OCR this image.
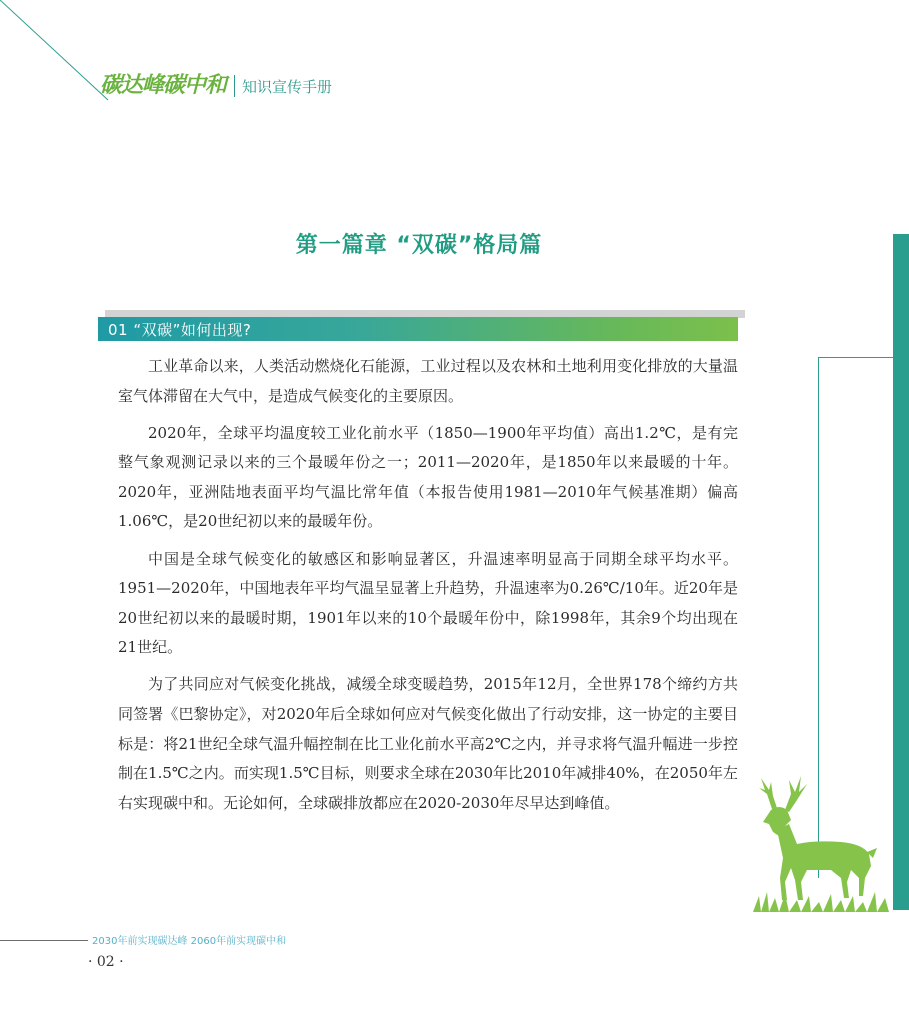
碳达峰碳中和 知识宣传手册
第一篇章 “双碳”格局篇
01 “双碳”如何出现?

工业革命以来，人类活动燃烧化石能源，工业过程以及农林和土地利用变化排放的大量温室气体滞留在大气中，是造成气候变化的主要原因。

2020年，全球平均温度较工业化前水平（1850—1900年平均值）高出1.2℃，是有完整气象观测记录以来的三个最暖年份之一；2011—2020年，是1850年以来最暖的十年。2020年，亚洲陆地表面平均气温比常年值（本报告使用1981—2010年气候基准期）偏高1.06℃，是20世纪初以来的最暖年份。

中国是全球气候变化的敏感区和影响显著区，升温速率明显高于同期全球平均水平。1951—2020年，中国地表年平均气温呈显著上升趋势，升温速率为0.26℃/10年。近20年是20世纪初以来的最暖时期，1901年以来的10个最暖年份中，除1998年，其余9个均出现在21世纪。

为了共同应对气候变化挑战，减缓全球变暖趋势，2015年12月，全世界178个缔约方共同签署《巴黎协定》，对2020年后全球如何应对气候变化做出了行动安排，这一协定的主要目标是：将21世纪全球气温升幅控制在比工业化前水平高2℃之内，并寻求将气温升幅进一步控制在1.5℃之内。而实现1.5℃目标，则要求全球在2030年比2010年减排40%，在2050年左右实现碳中和。无论如何，全球碳排放都应在2020-2030年尽早达到峰值。

2030年前实现碳达峰 2060年前实现碳中和
· 02 ·
